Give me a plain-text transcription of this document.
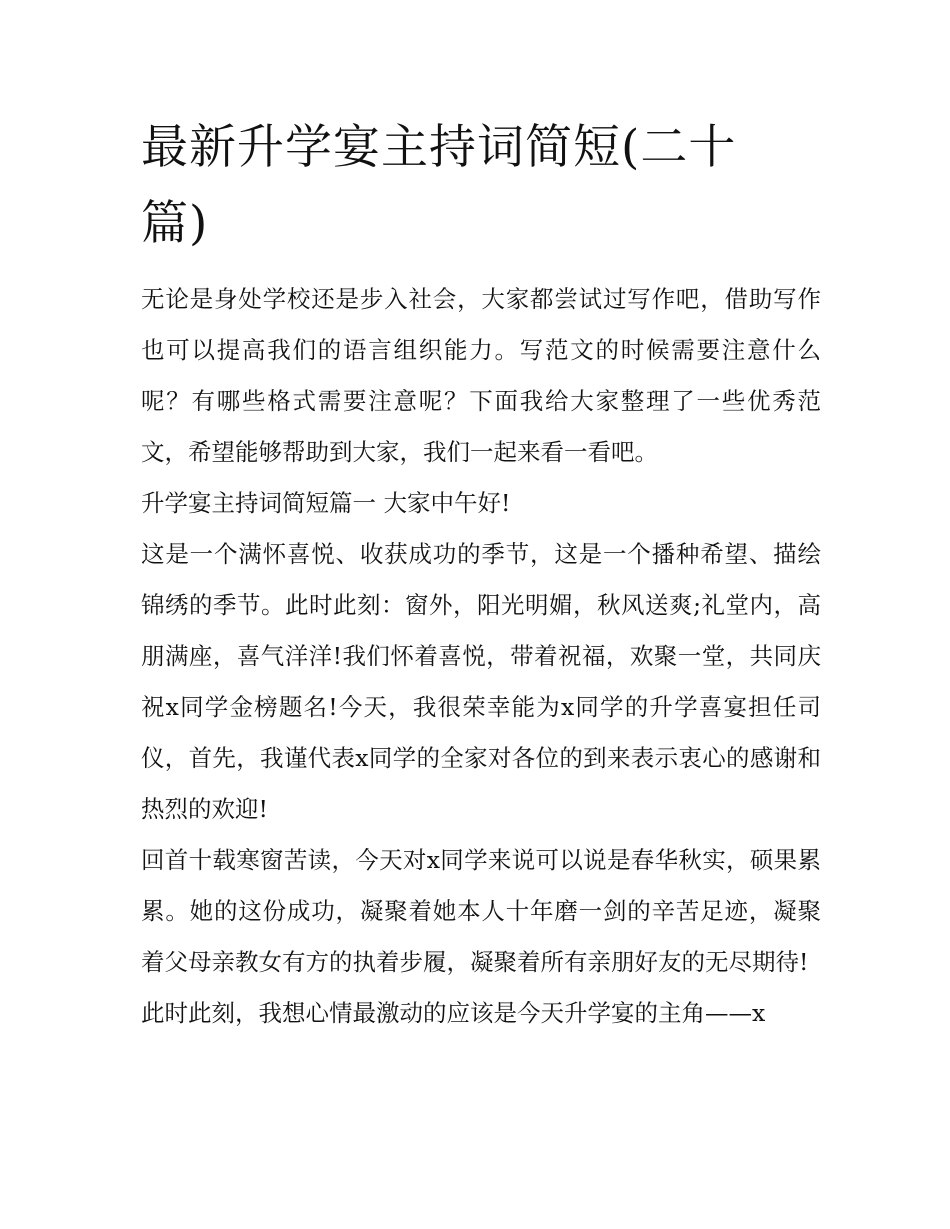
最新升学宴主持词简短(二十篇)

无论是身处学校还是步入社会，大家都尝试过写作吧，借助写作也可以提高我们的语言组织能力。写范文的时候需要注意什么呢？有哪些格式需要注意呢？下面我给大家整理了一些优秀范文，希望能够帮助到大家，我们一起来看一看吧。

升学宴主持词简短篇一 大家中午好!

这是一个满怀喜悦、收获成功的季节，这是一个播种希望、描绘锦绣的季节。此时此刻：窗外，阳光明媚，秋风送爽;礼堂内，高朋满座，喜气洋洋!我们怀着喜悦，带着祝福，欢聚一堂，共同庆祝x同学金榜题名!今天，我很荣幸能为x同学的升学喜宴担任司仪，首先，我谨代表x同学的全家对各位的到来表示衷心的感谢和热烈的欢迎!

回首十载寒窗苦读，今天对x同学来说可以说是春华秋实，硕果累累。她的这份成功，凝聚着她本人十年磨一剑的辛苦足迹，凝聚着父母亲教女有方的执着步履，凝聚着所有亲朋好友的无尽期待!

此时此刻，我想心情最激动的应该是今天升学宴的主角——x
